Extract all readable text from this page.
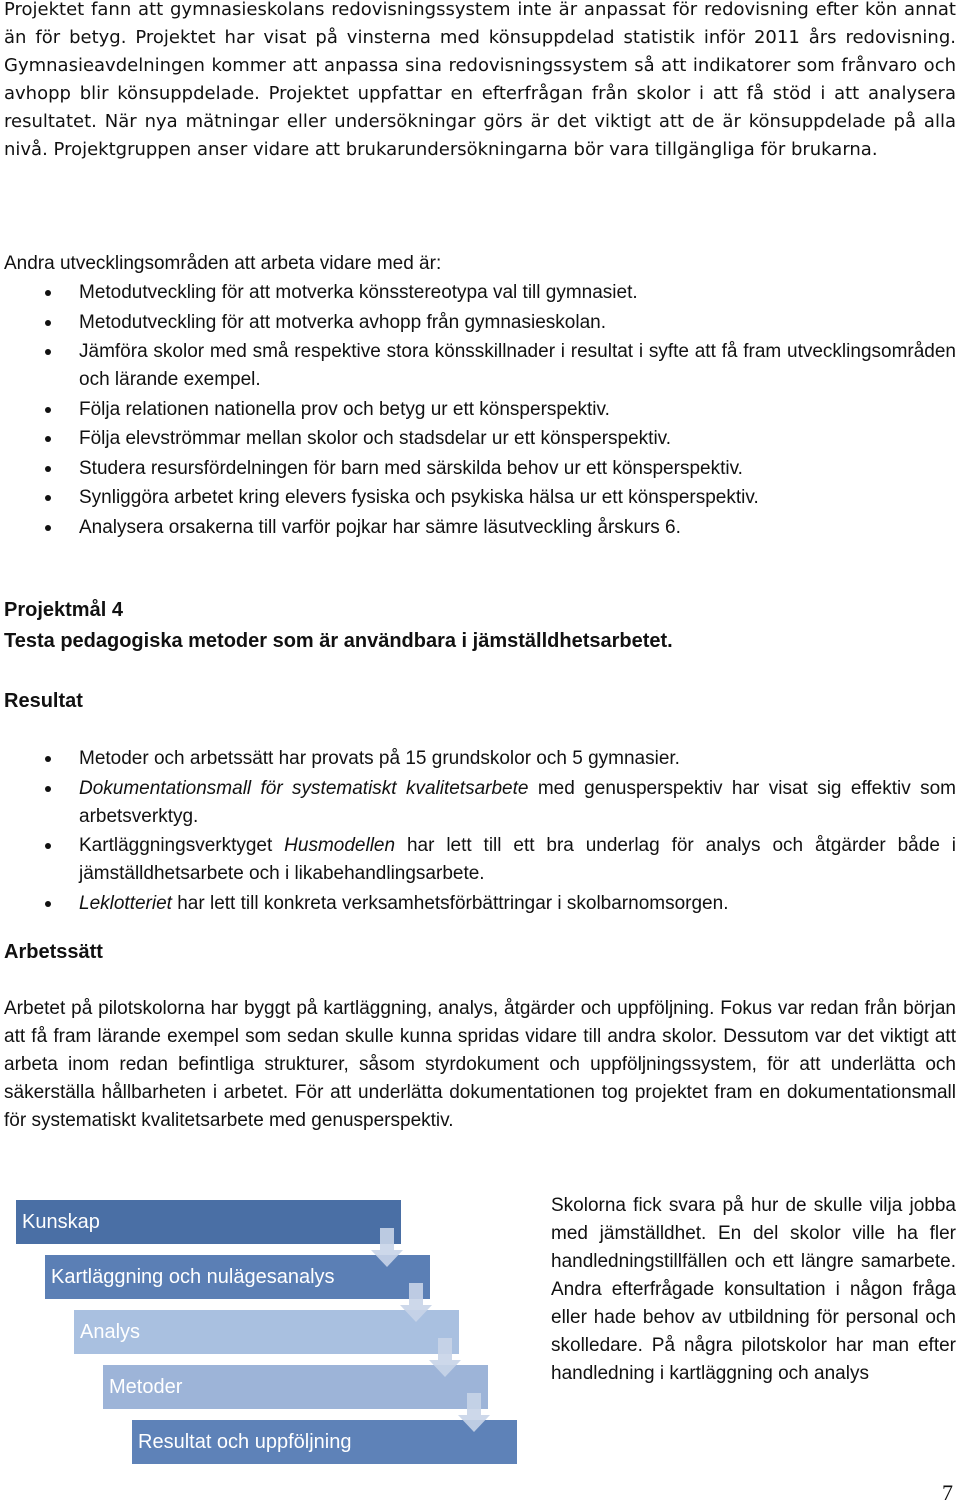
Projektet fann att gymnasieskolans redovisningssystem inte är anpassat för redovisning efter kön annat än för betyg. Projektet har visat på vinsterna med könsuppdelad statistik inför 2011 års redovisning. Gymnasieavdelningen kommer att anpassa sina redovisningssystem så att indikatorer som frånvaro och avhopp blir könsuppdelade. Projektet uppfattar en efterfrågan från skolor i att få stöd i att analysera resultatet. När nya mätningar eller undersökningar görs är det viktigt att de är könsuppdelade på alla nivå. Projektgruppen anser vidare att brukarundersökningarna bör vara tillgängliga för brukarna.
Andra utvecklingsområden att arbeta vidare med är:
Metodutveckling för att motverka könsstereotypa val till gymnasiet.
Metodutveckling för att motverka avhopp från gymnasieskolan.
Jämföra skolor med små respektive stora könsskillnader i resultat i syfte att få fram utvecklingsområden och lärande exempel.
Följa relationen nationella prov och betyg ur ett könsperspektiv.
Följa elevströmmar mellan skolor och stadsdelar ur ett könsperspektiv.
Studera resursfördelningen för barn med särskilda behov ur ett könsperspektiv.
Synliggöra arbetet kring elevers fysiska och psykiska hälsa ur ett könsperspektiv.
Analysera orsakerna till varför pojkar har sämre läsutveckling årskurs 6.
Projektmål 4
Testa pedagogiska metoder som är användbara i jämställdhetsarbetet.
Resultat
Metoder och arbetssätt har provats på 15 grundskolor och 5 gymnasier.
Dokumentationsmall för systematiskt kvalitetsarbete med genusperspektiv har visat sig effektiv som arbetsverktyg.
Kartläggningsverktyget Husmodellen har lett till ett bra underlag för analys och åtgärder både i jämställdhetsarbete och i likabehandlingsarbete.
Leklotteriet har lett till konkreta verksamhetsförbättringar i skolbarnomsorgen.
Arbetssätt
Arbetet på pilotskolorna har byggt på kartläggning, analys, åtgärder och uppföljning. Fokus var redan från början att få fram lärande exempel som sedan skulle kunna spridas vidare till andra skolor. Dessutom var det viktigt att arbeta inom redan befintliga strukturer, såsom styrdokument och uppföljningssystem, för att underlätta och säkerställa hållbarheten i arbetet. För att underlätta dokumentationen tog projektet fram en dokumentationsmall för systematiskt kvalitetsarbete med genusperspektiv.
Kunskap
Kartläggning och nulägesanalys
Analys
Metoder
Resultat och uppföljning
Skolorna fick svara på hur de skulle vilja jobba med jämställdhet. En del skolor ville ha fler handledningstillfällen och ett längre samarbete. Andra efterfrågade konsultation i någon fråga eller hade behov av utbildning för personal och skolledare. På några pilotskolor har man efter handledning i kartläggning och analys
7
